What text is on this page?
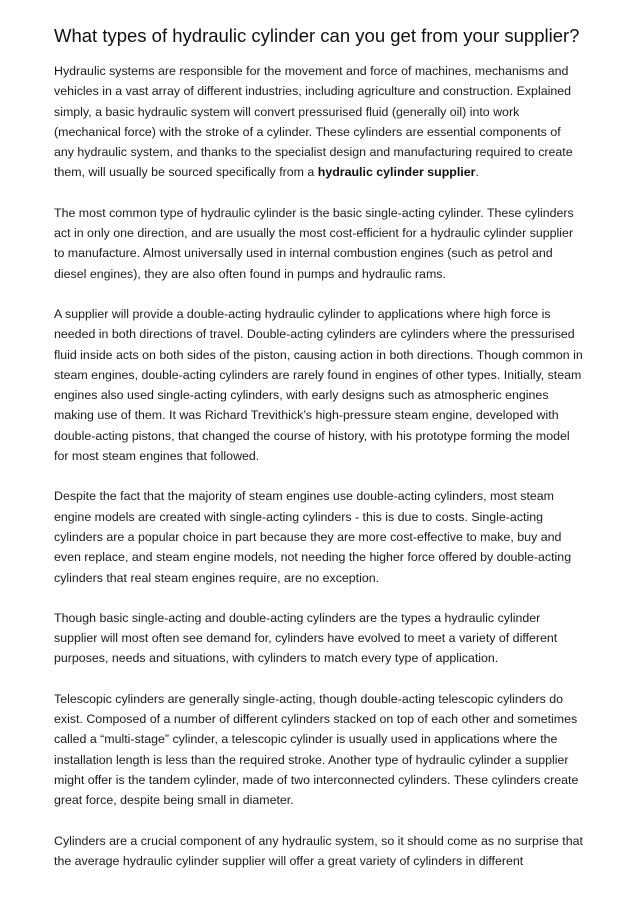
What types of hydraulic cylinder can you get from your supplier?

Hydraulic systems are responsible for the movement and force of machines, mechanisms and vehicles in a vast array of different industries, including agriculture and construction. Explained simply, a basic hydraulic system will convert pressurised fluid (generally oil) into work (mechanical force) with the stroke of a cylinder. These cylinders are essential components of any hydraulic system, and thanks to the specialist design and manufacturing required to create them, will usually be sourced specifically from a hydraulic cylinder supplier.

The most common type of hydraulic cylinder is the basic single-acting cylinder. These cylinders act in only one direction, and are usually the most cost-efficient for a hydraulic cylinder supplier to manufacture. Almost universally used in internal combustion engines (such as petrol and diesel engines), they are also often found in pumps and hydraulic rams.

A supplier will provide a double-acting hydraulic cylinder to applications where high force is needed in both directions of travel. Double-acting cylinders are cylinders where the pressurised fluid inside acts on both sides of the piston, causing action in both directions. Though common in steam engines, double-acting cylinders are rarely found in engines of other types. Initially, steam engines also used single-acting cylinders, with early designs such as atmospheric engines making use of them. It was Richard Trevithick’s high-pressure steam engine, developed with double-acting pistons, that changed the course of history, with his prototype forming the model for most steam engines that followed.

Despite the fact that the majority of steam engines use double-acting cylinders, most steam engine models are created with single-acting cylinders - this is due to costs. Single-acting cylinders are a popular choice in part because they are more cost-effective to make, buy and even replace, and steam engine models, not needing the higher force offered by double-acting cylinders that real steam engines require, are no exception.

Though basic single-acting and double-acting cylinders are the types a hydraulic cylinder supplier will most often see demand for, cylinders have evolved to meet a variety of different purposes, needs and situations, with cylinders to match every type of application.

Telescopic cylinders are generally single-acting, though double-acting telescopic cylinders do exist. Composed of a number of different cylinders stacked on top of each other and sometimes called a “multi-stage” cylinder, a telescopic cylinder is usually used in applications where the installation length is less than the required stroke. Another type of hydraulic cylinder a supplier might offer is the tandem cylinder, made of two interconnected cylinders. These cylinders create great force, despite being small in diameter.

Cylinders are a crucial component of any hydraulic system, so it should come as no surprise that the average hydraulic cylinder supplier will offer a great variety of cylinders in different
